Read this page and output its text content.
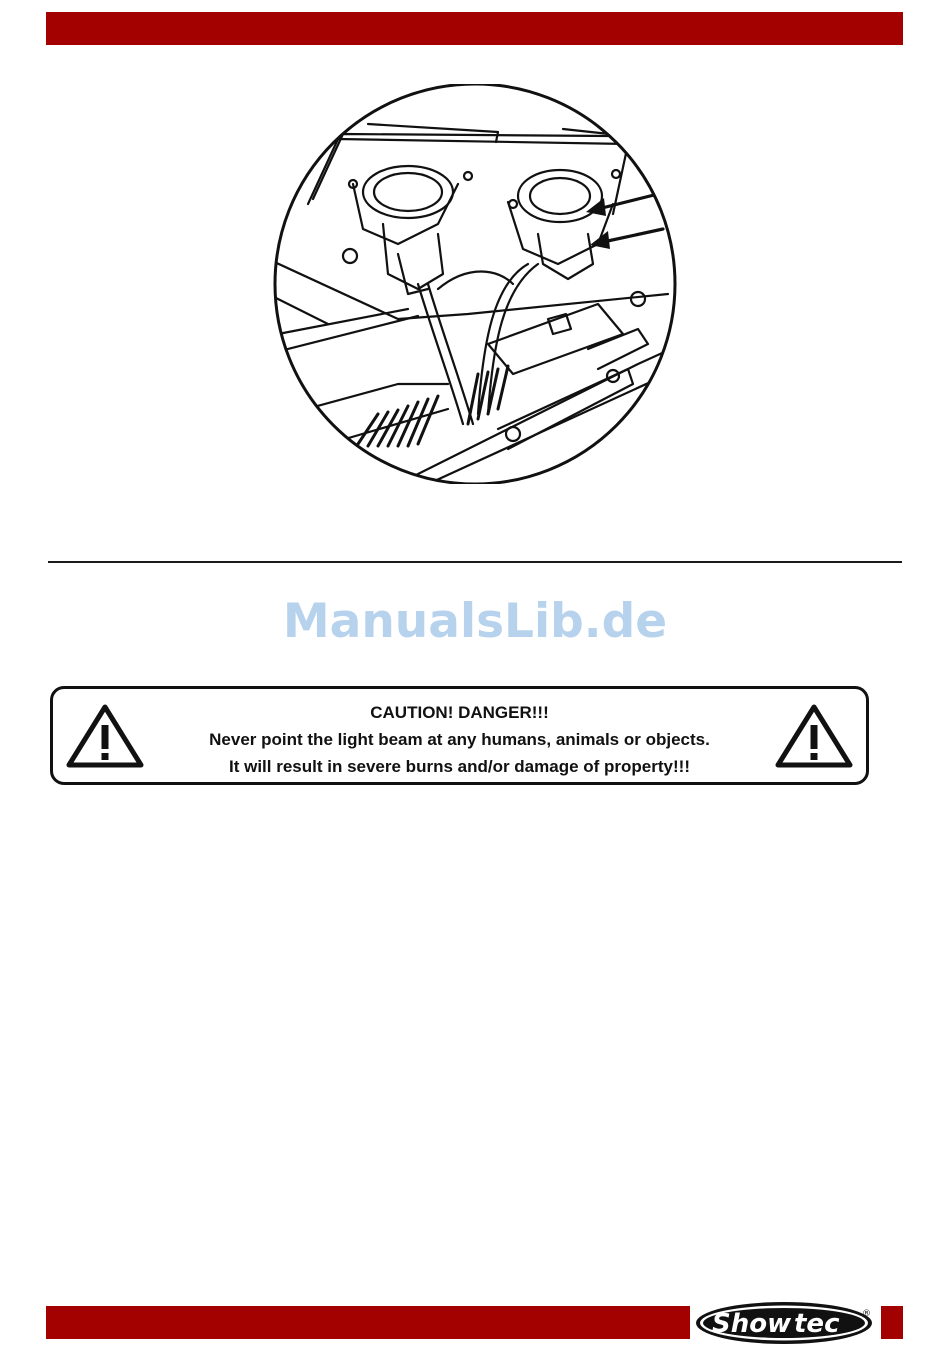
ManualsLib.de
CAUTION! DANGER!!!
Never point the light beam at any humans, animals or objects.
It will result in severe burns and/or damage of property!!!
Show tec	®
